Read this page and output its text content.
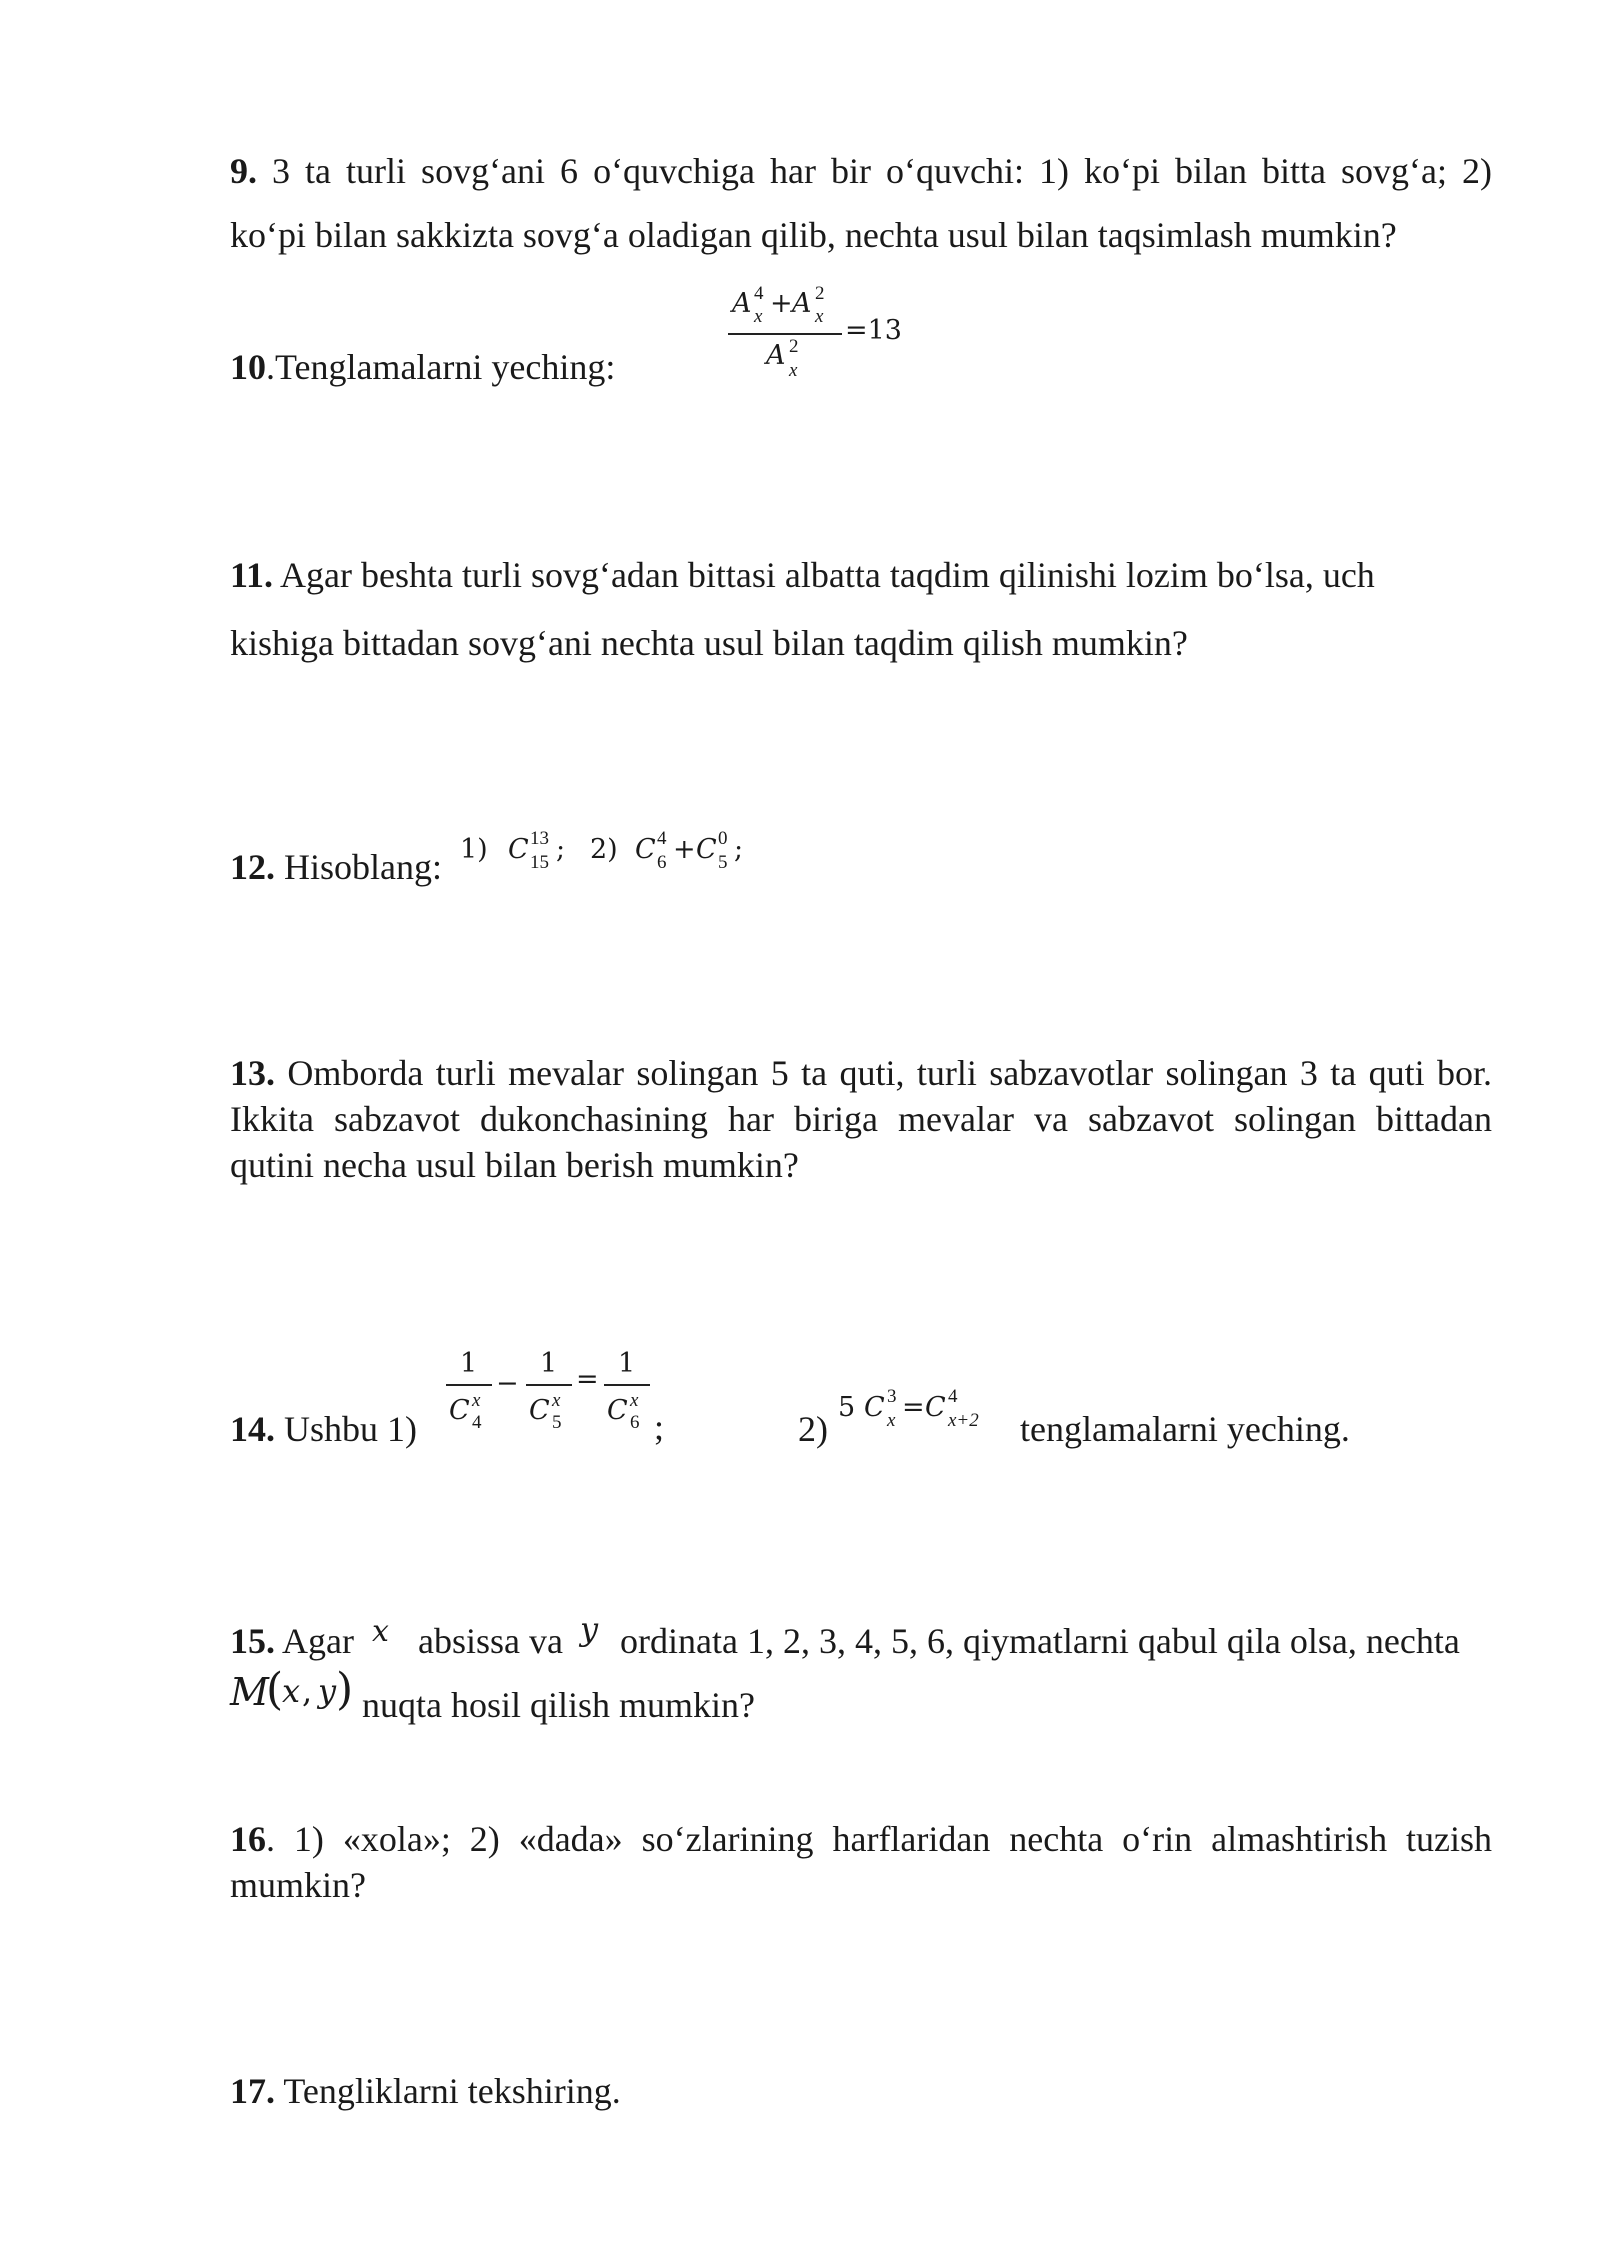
9. 3 ta turli sovg‘ani 6 o‘quvchiga har bir o‘quvchi: 1) ko‘pi bilan bitta sovg‘a; 2)
ko‘pi bilan sakkizta sovg‘a oladigan qilib, nechta usul bilan taqsimlash mumkin?
10.Tenglamalarni yeching:
A 4
x + A 2
x
A 2
x
=13
11. Agar beshta turli sovg‘adan bittasi albatta taqdim qilinishi lozim bo‘lsa, uch
kishiga bittadan sovg‘ani nechta usul bilan taqdim qilish mumkin?
12. Hisoblang: 1) C 13
15 ; 2) C 4
6 + C 0
5 ;
13. Omborda turli mevalar solingan 5 ta quti, turli sabzavotlar solingan 3 ta quti bor.
Ikkita sabzavot dukonchasining har biriga mevalar va sabzavot solingan bittadan
qutini necha usul bilan berish mumkin?
14. Ushbu 1)
1
C x
4
−
1
C x
5
=
1
C x
6 ;	2)
5 C 3
x = C 4
x+2 tenglamalarni yeching.
15. Agar x absissa va y ordinata 1, 2, 3, 4, 5, 6, qiymatlarni qabul qila olsa, nechta
M
(
x , y ) nuqta hosil qilish mumkin?
16. 1) «xola»; 2) «dada» so‘zlarining harflaridan nechta o‘rin almashtirish tuzish
mumkin?
17. Tengliklarni tekshiring.
